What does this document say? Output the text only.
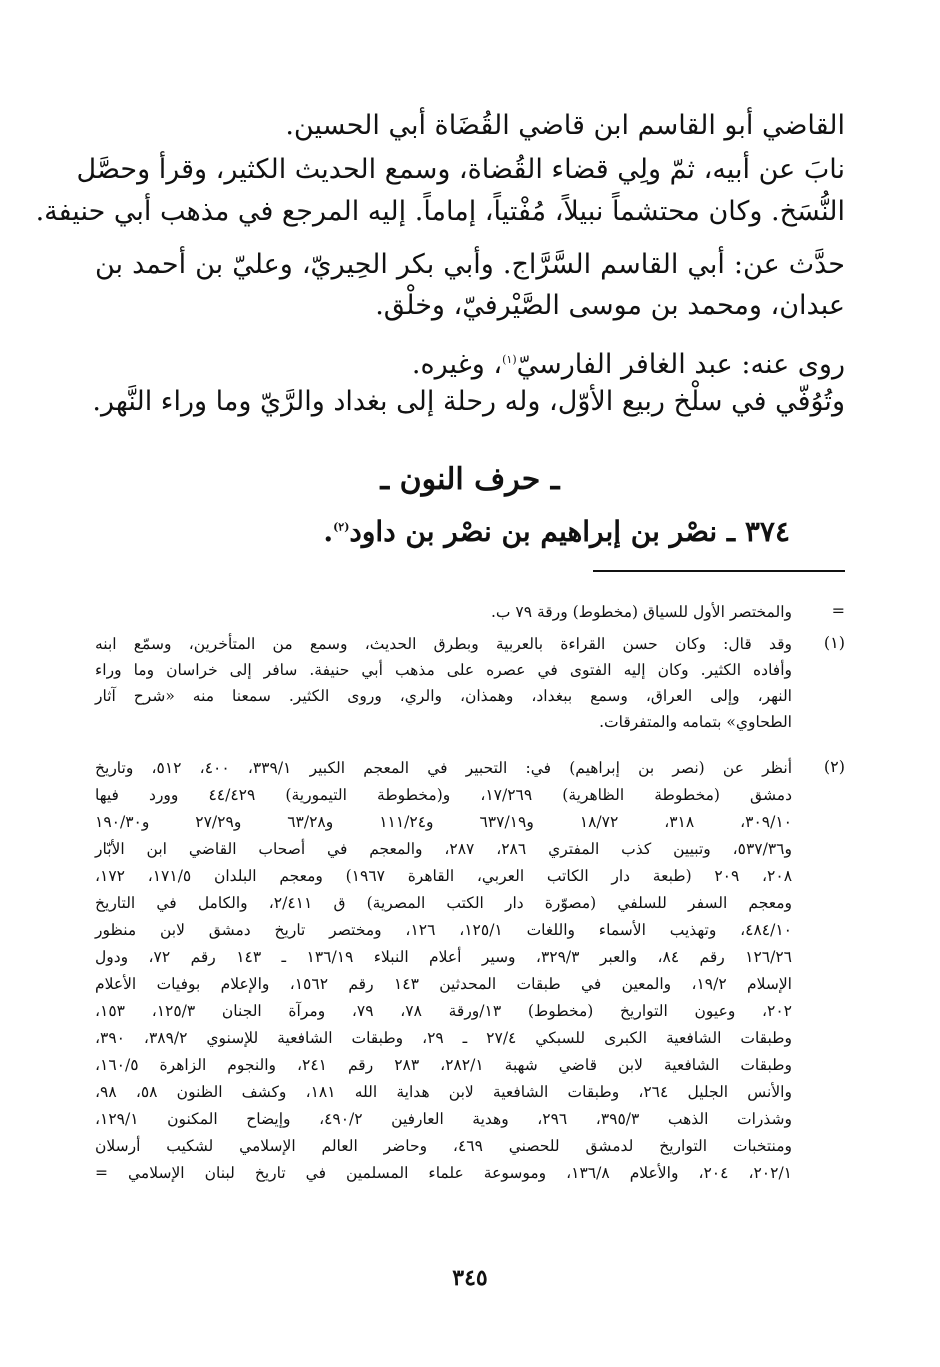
القاضي أبو القاسم ابن قاضي القُضَاة أبي الحسين.
نابَ عن أبيه، ثمّ ولِي قضاء القُضاة، وسمع الحديث الكثير، وقرأ وحصَّل
النُّسَخ. وكان محتشماً نبيلاً، مُفْتياً، إماماً. إليه المرجع في مذهب أبي حنيفة.
حدَّث عن: أبي القاسم السَّرَّاج. وأبي بكر الحِيريّ، وعليّ بن أحمد بن
عبدان، ومحمد بن موسى الصَّيْرفيّ، وخلْق.
روى عنه: عبد الغافر الفارسيّ$^{(١)}$، وغيره.
وتُوُفّي في سلْخ ربيع الأوّل، وله رحلة إلى بغداد والرَّيّ وما وراء النَّهر.
ـ حرف النون ـ
٣٧٤ ـ نصْر بن إبراهيم بن نصْر بن داود$^{(٢)}$.
=
والمختصر الأول للسياق (مخطوط) ورقة ٧٩ ب.
(١)
وقد قال: وكان حسن القراءة بالعربية وبطرق الحديث، وسمع من المتأخرين، وسمّع ابنه
وأفاده الكثير. وكان إليه الفتوى في عصره على مذهب أبي حنيفة. سافر إلى خراسان وما وراء
النهر، وإلى العراق، وسمع ببغداد، وهمذان، والري، وروى الكثير. سمعنا منه «شرح آثار
الطحاوي» بتمامه والمتفرقات.
(٢)
أنظر عن (نصر بن إبراهيم) في: التحبير في المعجم الكبير ٣٣٩/١، ٤٠٠، ٥١٢، وتاريخ
دمشق (مخطوطة الظاهرية) ١٧/٢٦٩، و(مخطوطة التيمورية) ٤٤/٤٢٩ وورد فيها
٣٠٩/١٠، ٣١٨، ١٨/٧٢ و٦٣٧/١٩ و١١١/٢٤ و٦٣/٢٨ و٢٧/٢٩ و١٩٠/٣٠
و٥٣٧/٣٦، وتبيين كذب المفتري ٢٨٦، ٢٨٧، والمعجم في أصحاب القاضي ابن الأبّار
٢٠٨، ٢٠٩ (طبعة دار الكاتب العربي، القاهرة ١٩٦٧) ومعجم البلدان ١٧١/٥، ١٧٢،
ومعجم السفر للسلفي (مصوّرة دار الكتب المصرية) ق ٢/٤١١، والكامل في التاريخ
٤٨٤/١٠، وتهذيب الأسماء واللغات ١٢٥/١، ١٢٦، ومختصر تاريخ دمشق لابن منظور
١٢٦/٢٦ رقم ٨٤، والعبر ٣٢٩/٣، وسير أعلام النبلاء ١٣٦/١٩ ـ ١٤٣ رقم ٧٢، ودول
الإسلام ١٩/٢، والمعين في طبقات المحدثين ١٤٣ رقم ١٥٦٢، والإعلام بوفيات الأعلام
٢٠٢، وعيون التواريخ (مخطوط) ١٣/ورقة ٧٨، ٧٩، ومرآة الجنان ١٢٥/٣، ١٥٣،
وطبقات الشافعية الكبرى للسبكي ٢٧/٤ ـ ٢٩، وطبقات الشافعية للإسنوي ٣٨٩/٢، ٣٩٠،
وطبقات الشافعية لابن قاضي شهبة ٢٨٢/١، ٢٨٣ رقم ٢٤١، والنجوم الزاهرة ١٦٠/٥،
والأنس الجليل ٢٦٤، وطبقات الشافعية لابن هداية الله ١٨١، وكشف الظنون ٥٨، ٩٨،
وشذرات الذهب ٣٩٥/٣، ٢٩٦، وهدية العارفين ٤٩٠/٢، وإيضاح المكنون ١٢٩/١،
ومنتخبات التواريخ لدمشق للحصني ٤٦٩، وحاضر العالم الإسلامي لشكيب أرسلان
٢٠٢/١، ٢٠٤، والأعلام ١٣٦/٨، وموسوعة علماء المسلمين في تاريخ لبنان الإسلامي =
٣٤٥
